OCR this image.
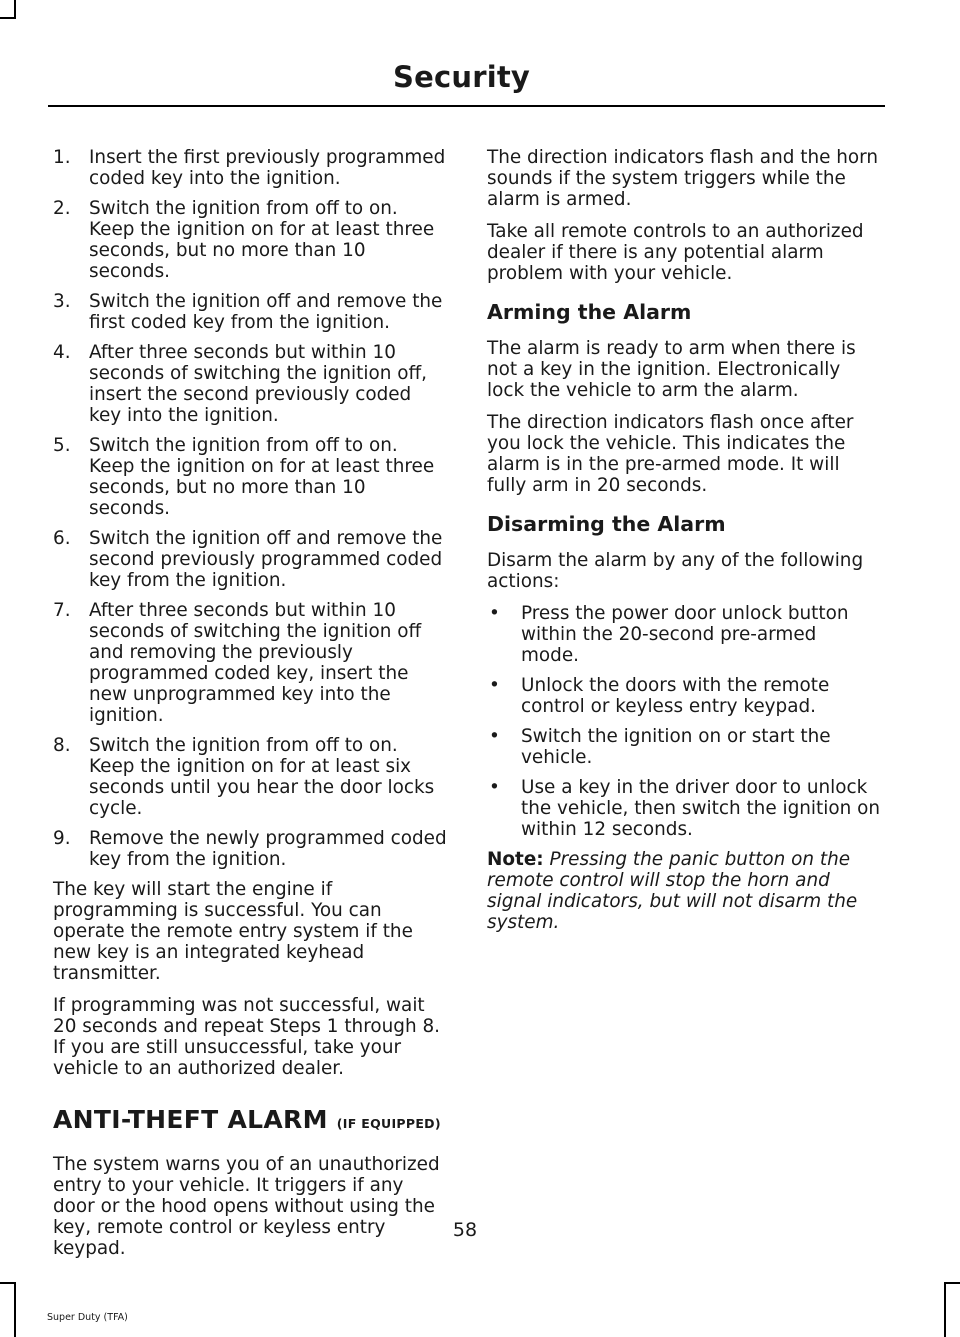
Security
1.	Insert the first previously programmed coded key into the ignition.
2.	Switch the ignition from off to on. Keep the ignition on for at least three seconds, but no more than 10 seconds.
3.	Switch the ignition off and remove the first coded key from the ignition.
4.	After three seconds but within 10 seconds of switching the ignition off, insert the second previously coded key into the ignition.
5.	Switch the ignition from off to on. Keep the ignition on for at least three seconds, but no more than 10 seconds.
6.	Switch the ignition off and remove the second previously programmed coded key from the ignition.
7.	After three seconds but within 10 seconds of switching the ignition off and removing the previously programmed coded key, insert the new unprogrammed key into the ignition.
8.	Switch the ignition from off to on. Keep the ignition on for at least six seconds until you hear the door locks cycle.
9.	Remove the newly programmed coded key from the ignition.

The key will start the engine if programming is successful. You can operate the remote entry system if the new key is an integrated keyhead transmitter.

If programming was not successful, wait 20 seconds and repeat Steps 1 through 8. If you are still unsuccessful, take your vehicle to an authorized dealer.

ANTI-THEFT ALARM (IF EQUIPPED)

The system warns you of an unauthorized entry to your vehicle. It triggers if any door or the hood opens without using the key, remote control or keyless entry keypad.

The direction indicators flash and the horn sounds if the system triggers while the alarm is armed.

Take all remote controls to an authorized dealer if there is any potential alarm problem with your vehicle.

Arming the Alarm

The alarm is ready to arm when there is not a key in the ignition. Electronically lock the vehicle to arm the alarm.

The direction indicators flash once after you lock the vehicle. This indicates the alarm is in the pre-armed mode. It will fully arm in 20 seconds.

Disarming the Alarm

Disarm the alarm by any of the following actions:

•	Press the power door unlock button within the 20-second pre-armed mode.
•	Unlock the doors with the remote control or keyless entry keypad.
•	Switch the ignition on or start the vehicle.
•	Use a key in the driver door to unlock the vehicle, then switch the ignition on within 12 seconds.

Note: Pressing the panic button on the remote control will stop the horn and signal indicators, but will not disarm the system.

58
Super Duty (TFA)
